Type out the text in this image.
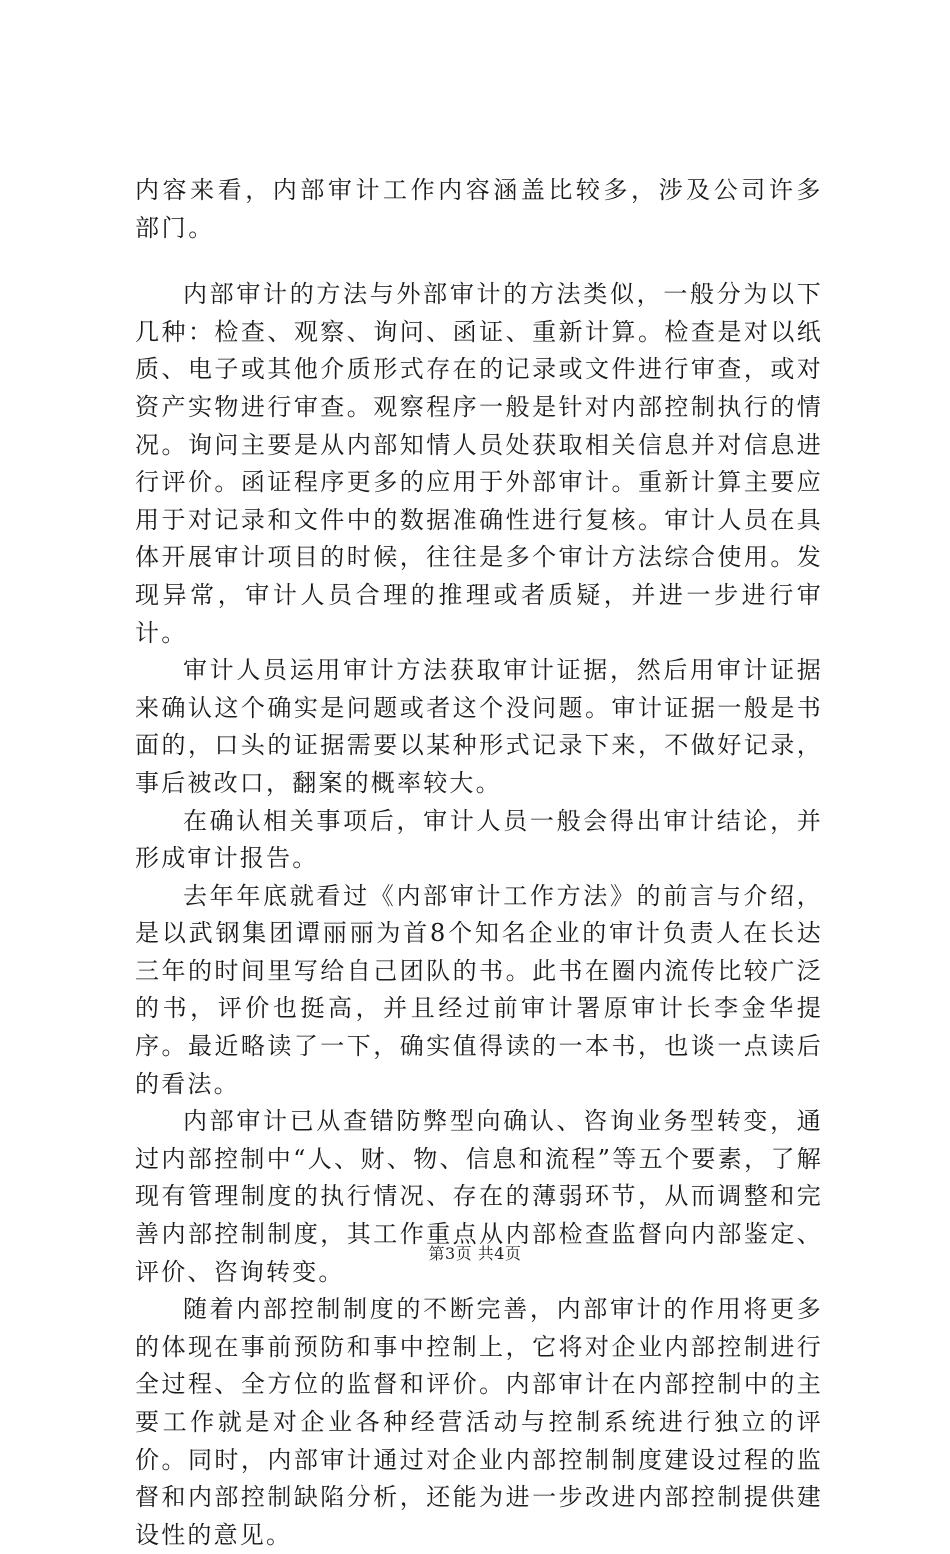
内容来看，内部审计工作内容涵盖比较多，涉及公司许多部门。

内部审计的方法与外部审计的方法类似，一般分为以下几种：检查、观察、询问、函证、重新计算。检查是对以纸质、电子或其他介质形式存在的记录或文件进行审查，或对资产实物进行审查。观察程序一般是针对内部控制执行的情况。询问主要是从内部知情人员处获取相关信息并对信息进行评价。函证程序更多的应用于外部审计。重新计算主要应用于对记录和文件中的数据准确性进行复核。审计人员在具体开展审计项目的时候，往往是多个审计方法综合使用。发现异常，审计人员合理的推理或者质疑，并进一步进行审计。

审计人员运用审计方法获取审计证据，然后用审计证据来确认这个确实是问题或者这个没问题。审计证据一般是书面的，口头的证据需要以某种形式记录下来，不做好记录，事后被改口，翻案的概率较大。

在确认相关事项后，审计人员一般会得出审计结论，并形成审计报告。

去年年底就看过《内部审计工作方法》的前言与介绍，是以武钢集团谭丽丽为首8个知名企业的审计负责人在长达三年的时间里写给自己团队的书。此书在圈内流传比较广泛的书，评价也挺高，并且经过前审计署原审计长李金华提序。最近略读了一下，确实值得读的一本书，也谈一点读后的看法。

内部审计已从查错防弊型向确认、咨询业务型转变，通过内部控制中“人、财、物、信息和流程”等五个要素，了解现有管理制度的执行情况、存在的薄弱环节，从而调整和完善内部控制制度，其工作重点从内部检查监督向内部鉴定、评价、咨询转变。

随着内部控制制度的不断完善，内部审计的作用将更多的体现在事前预防和事中控制上，它将对企业内部控制进行全过程、全方位的监督和评价。内部审计在内部控制中的主要工作就是对企业各种经营活动与控制系统进行独立的评价。同时，内部审计通过对企业内部控制制度建设过程的监督和内部控制缺陷分析，还能为进一步改进内部控制提供建设性的意见。

第3页 共4页
